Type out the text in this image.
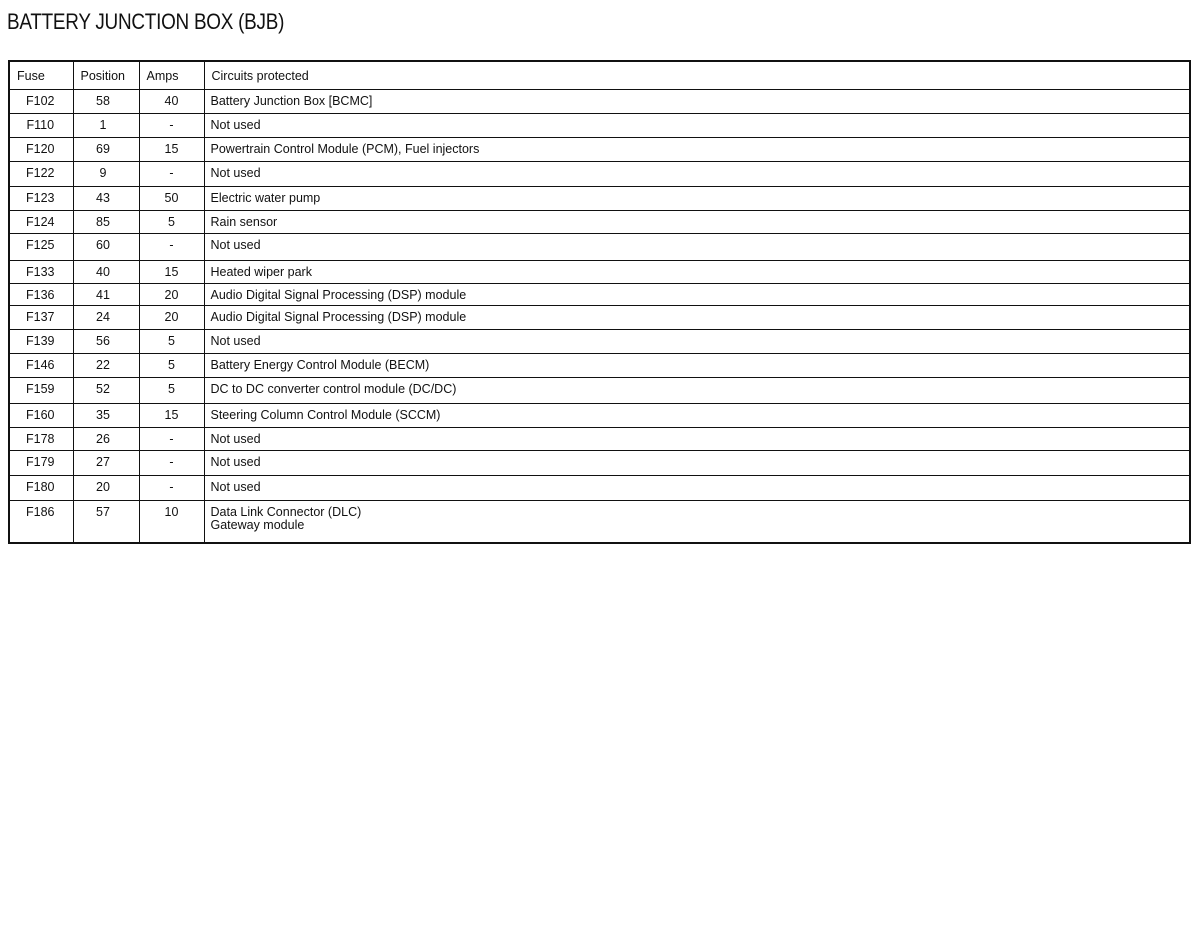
BATTERY JUNCTION BOX (BJB)
Fuse	Position	Amps	Circuits protected
F102	58	40	Battery Junction Box [BCMC]

F110	1	-	Not used

F120	69	15	Powertrain Control Module (PCM), Fuel injectors

F122	9	-	Not used

F123	43	50	Electric water pump

F124	85	5	Rain sensor

F125	60	-	Not used

F133	40	15	Heated wiper park

F136	41	20	Audio Digital Signal Processing (DSP) module

F137	24	20	Audio Digital Signal Processing (DSP) module

F139	56	5	Not used

F146	22	5	Battery Energy Control Module (BECM)

F159	52	5	DC to DC converter control module (DC/DC)

F160	35	15	Steering Column Control Module (SCCM)

F178	26	-	Not used

F179	27	-	Not used

F180	20	-	Not used

F186	57	10	Data Link Connector (DLC)
Gateway module
